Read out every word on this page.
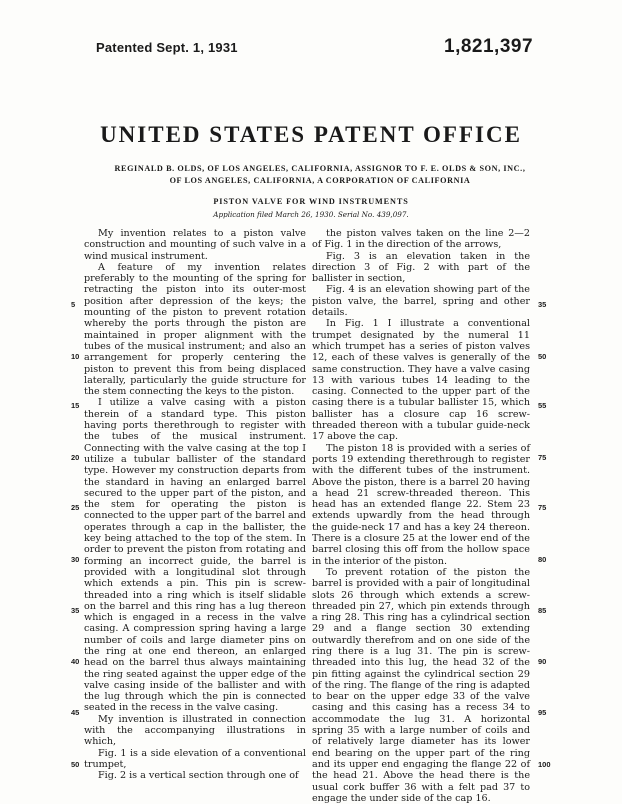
Patented Sept. 1, 1931	1,821,397
UNITED STATES PATENT OFFICE
REGINALD B. OLDS, OF LOS ANGELES, CALIFORNIA, ASSIGNOR TO F. E. OLDS & SON, INC.,
OF LOS ANGELES, CALIFORNIA, A CORPORATION OF CALIFORNIA
PISTON VALVE FOR WIND INSTRUMENTS
Application filed March 26, 1930. Serial No. 439,097.

My invention relates to a piston valve construction and mounting of such valve in a wind musical instrument.

A feature of my invention relates preferably to the mounting of the spring for retracting the piston into its outer-most position after depression of the keys; the mounting of the piston to prevent rotation whereby the ports through the piston are maintained in proper alignment with the tubes of the musical instrument; and also an arrangement for properly centering the piston to prevent this from being displaced laterally, particularly the guide structure for the stem connecting the keys to the piston.

I utilize a valve casing with a piston therein of a standard type. This piston having ports therethrough to register with the tubes of the musical instrument. Connecting with the valve casing at the top I utilize a tubular ballister of the standard type. However my construction departs from the standard in having an enlarged barrel secured to the upper part of the piston, and the stem for operating the piston is connected to the upper part of the barrel and operates through a cap in the ballister, the key being attached to the top of the stem. In order to prevent the piston from rotating and forming an incorrect guide, the barrel is provided with a longitudinal slot through which extends a pin. This pin is screw-threaded into a ring which is itself slidable on the barrel and this ring has a lug thereon which is engaged in a recess in the valve casing. A compression spring having a large number of coils and large diameter pins on the ring at one end thereon, an enlarged head on the barrel thus always maintaining the ring seated against the upper edge of the valve casing inside of the ballister and with the lug through which the pin is connected seated in the recess in the valve casing.

My invention is illustrated in connection with the accompanying illustrations in which,

Fig. 1 is a side elevation of a conventional trumpet,

Fig. 2 is a vertical section through one of

the piston valves taken on the line 2—2 of Fig. 1 in the direction of the arrows,

Fig. 3 is an elevation taken in the direction 3 of Fig. 2 with part of the ballister in section,

Fig. 4 is an elevation showing part of the piston valve, the barrel, spring and other details.

In Fig. 1 I illustrate a conventional trumpet designated by the numeral 11 which trumpet has a series of piston valves 12, each of these valves is generally of the same construction. They have a valve casing 13 with various tubes 14 leading to the casing. Connected to the upper part of the casing there is a tubular ballister 15, which ballister has a closure cap 16 screw-threaded thereon with a tubular guide-neck 17 above the cap.

The piston 18 is provided with a series of ports 19 extending therethrough to register with the different tubes of the instrument. Above the piston, there is a barrel 20 having a head 21 screw-threaded thereon. This head has an extended flange 22. Stem 23 extends upwardly from the head through the guide-neck 17 and has a key 24 thereon. There is a closure 25 at the lower end of the barrel closing this off from the hollow space in the interior of the piston.

To prevent rotation of the piston the barrel is provided with a pair of longitudinal slots 26 through which extends a screw-threaded pin 27, which pin extends through a ring 28. This ring has a cylindrical section 29 and a flange section 30 extending outwardly therefrom and on one side of the ring there is a lug 31. The pin is screw-threaded into this lug, the head 32 of the pin fitting against the cylindrical section 29 of the ring. The flange of the ring is adapted to bear on the upper edge 33 of the valve casing and this casing has a recess 34 to accommodate the lug 31. A horizontal spring 35 with a large number of coils and of relatively large diameter has its lower end bearing on the upper part of the ring and its upper end engaging the flange 22 of the head 21. Above the head there is the usual cork buffer 36 with a felt pad 37 to engage the under side of the cap 16.

5
10
15
20
25
30
35
40
45
50
35
50
55
75
75
80
85
90
95
100
